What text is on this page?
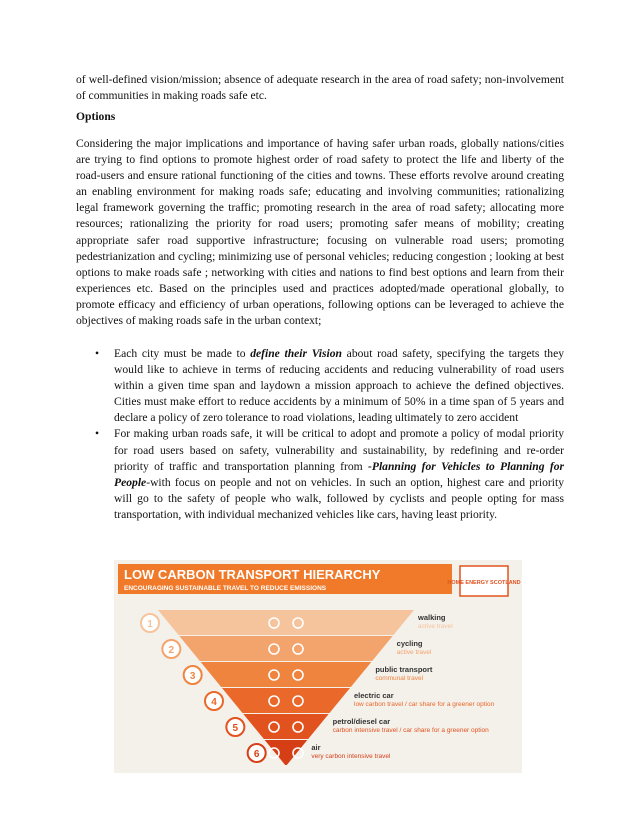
of well-defined vision/mission; absence of adequate research in the area of road safety; non-involvement of communities in making roads safe etc.
Options
Considering the major implications and importance of having safer urban roads, globally nations/cities are trying to find options to promote highest order of road safety to protect the life and liberty of the road-users and ensure rational functioning of the cities and towns. These efforts revolve around creating an enabling environment for making roads safe; educating and involving communities; rationalizing legal framework governing the traffic; promoting research in the area of road safety; allocating more resources; rationalizing the priority for road users; promoting safer means of mobility; creating appropriate safer road supportive infrastructure; focusing on vulnerable road users; promoting pedestrianization and cycling; minimizing use of personal vehicles; reducing congestion ; looking at best options to make roads safe ; networking with cities and nations to find best options and learn from their experiences etc. Based on the principles used and practices adopted/made operational globally, to promote efficacy and efficiency of urban operations, following options can be leveraged to achieve the objectives of making roads safe in the urban context;
• Each city must be made to define their Vision about road safety, specifying the targets they would like to achieve in terms of reducing accidents and reducing vulnerability of road users within a given time span and laydown a mission approach to achieve the defined objectives. Cities must make effort to reduce accidents by a minimum of 50% in a time span of 5 years and declare a policy of zero tolerance to road violations, leading ultimately to zero accident
• For making urban roads safe, it will be critical to adopt and promote a policy of modal priority for road users based on safety, vulnerability and sustainability, by redefining and re-order priority of traffic and transportation planning from -Planning for Vehicles to Planning for People-with focus on people and not on vehicles. In such an option, highest care and priority will go to the safety of people who walk, followed by cyclists and people opting for mass transportation, with individual mechanized vehicles like cars, having least priority.
LOW CARBON TRANSPORT HIERARCHY
ENCOURAGING SUSTAINABLE TRAVEL TO REDUCE EMISSIONS
HOME ENERGY SCOTLAND
1
walking
active travel
2
cycling
active travel
3
public transport
communal travel
4
electric car
low carbon travel / car share for a greener option
5
petrol/diesel car
carbon intensive travel / car share for a greener option
6
air
very carbon intensive travel
